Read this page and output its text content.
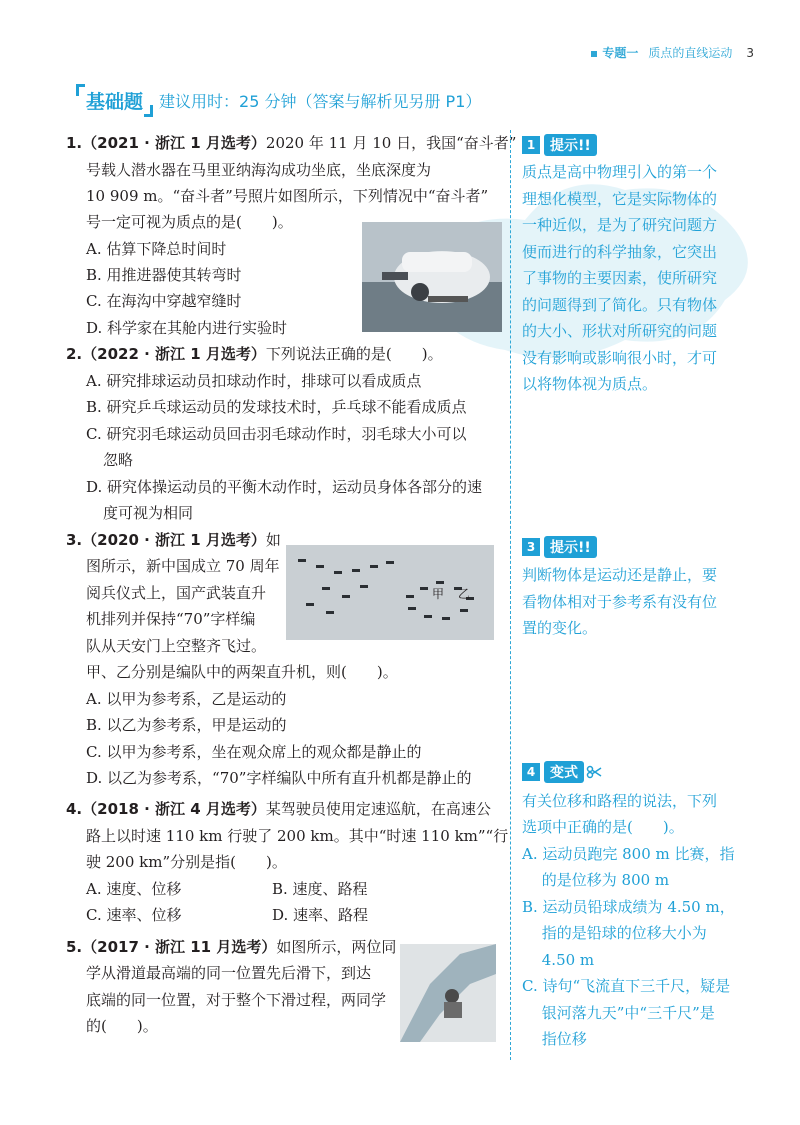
专题一 质点的直线运动 3
基础题	建议用时：25 分钟（答案与解析见另册 P1）
1.（2021 · 浙江 1 月选考）2020 年 11 月 10 日，我国“奋斗者”
号载人潜水器在马里亚纳海沟成功坐底，坐底深度为
10 909 m。“奋斗者”号照片如图所示，下列情况中“奋斗者”
号一定可视为质点的是(　　)。
A. 估算下降总时间时
B. 用推进器使其转弯时
C. 在海沟中穿越窄缝时
D. 科学家在其舱内进行实验时
2.（2022 · 浙江 1 月选考）下列说法正确的是(　　)。
A. 研究排球运动员扣球动作时，排球可以看成质点
B. 研究乒乓球运动员的发球技术时，乒乓球不能看成质点
C. 研究羽毛球运动员回击羽毛球动作时，羽毛球大小可以
忽略
D. 研究体操运动员的平衡木动作时，运动员身体各部分的速
度可视为相同
3.（2020 · 浙江 1 月选考）如
图所示，新中国成立 70 周年
阅兵仪式上，国产武装直升
机排列并保持“70”字样编
队从天安门上空整齐飞过。
甲、乙分别是编队中的两架直升机，则(　　)。
A. 以甲为参考系，乙是运动的
B. 以乙为参考系，甲是运动的
C. 以甲为参考系，坐在观众席上的观众都是静止的
D. 以乙为参考系，“70”字样编队中所有直升机都是静止的
甲 乙
4.（2018 · 浙江 4 月选考）某驾驶员使用定速巡航，在高速公
路上以时速 110 km 行驶了 200 km。其中“时速 110 km”“行
驶 200 km”分别是指(　　)。
A. 速度、位移	B. 速度、路程
C. 速率、位移	D. 速率、路程
5.（2017 · 浙江 11 月选考）如图所示，两位同
学从滑道最高端的同一位置先后滑下，到达
底端的同一位置，对于整个下滑过程，两同学
的(　　)。
1	提示!!
质点是高中物理引入的第一个
理想化模型，它是实际物体的
一种近似，是为了研究问题方
便而进行的科学抽象，它突出
了事物的主要因素，使所研究
的问题得到了简化。只有物体
的大小、形状对所研究的问题
没有影响或影响很小时，才可
以将物体视为质点。
3	提示!!
判断物体是运动还是静止，要
看物体相对于参考系有没有位
置的变化。
4	变式
有关位移和路程的说法，下列
选项中正确的是(　　)。
A. 运动员跑完 800 m 比赛，指
　 的是位移为 800 m
B. 运动员铅球成绩为 4.50 m，
　 指的是铅球的位移大小为
　 4.50 m
C. 诗句“飞流直下三千尺，疑是
　 银河落九天”中“三千尺”是
　 指位移
